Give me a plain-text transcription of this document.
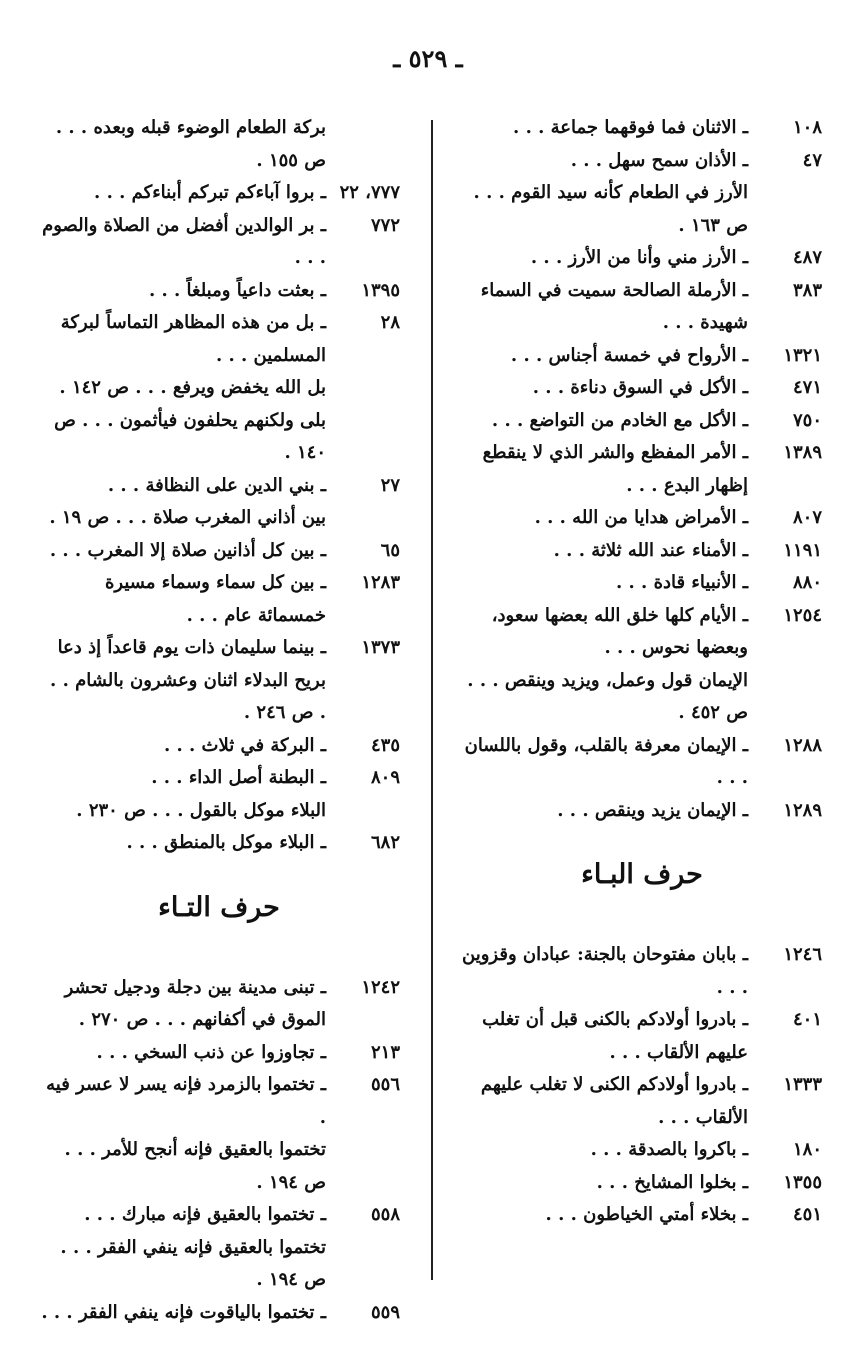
ـ ٥٢٩ ـ
١٠٨
ـ الاثنان فما فوقهما جماعة . . .
٤٧
ـ الأذان سمح سهل . . .
الأرز في الطعام كأنه سيد القوم . . . ص ١٦٣ .
٤٨٧
ـ الأرز مني وأنا من الأرز . . .
٣٨٣
ـ الأرملة الصالحة سميت في السماء شهيدة . . .
١٣٢١
ـ الأرواح في خمسة أجناس . . .
٤٧١
ـ الأكل في السوق دناءة . . .
٧٥٠
ـ الأكل مع الخادم من التواضع . . .
١٣٨٩
ـ الأمر المفظع والشر الذي لا ينقطع إظهار البدع . . .
٨٠٧
ـ الأمراض هدايا من الله . . .
١١٩١
ـ الأمناء عند الله ثلاثة . . .
٨٨٠
ـ الأنبياء قادة . . .
١٢٥٤
ـ الأيام كلها خلق الله بعضها سعود، وبعضها نحوس . . .
الإيمان قول وعمل، ويزيد وينقص . . . ص ٤٥٢ .
١٢٨٨
ـ الإيمان معرفة بالقلب، وقول باللسان . . .
١٢٨٩
ـ الإيمان يزيد وينقص . . .
حرف البـاء
١٢٤٦
ـ بابان مفتوحان بالجنة: عبادان وقزوين . . .
٤٠١
ـ بادروا أولادكم بالكنى قبل أن تغلب عليهم الألقاب . . .
١٣٣٣
ـ بادروا أولادكم الكنى لا تغلب عليهم الألقاب . . .
١٨٠
ـ باكروا بالصدقة . . .
١٣٥٥
ـ بخلوا المشايخ . . .
٤٥١
ـ بخلاء أمتي الخياطون . . .
بركة الطعام الوضوء قبله وبعده . . . ص ١٥٥ .
٧٧٧، ٢٢
ـ بروا آباءكم تبركم أبناءكم . . .
٧٧٢
ـ بر الوالدين أفضل من الصلاة والصوم . . .
١٣٩٥
ـ بعثت داعياً ومبلغاً . . .
٢٨
ـ بل من هذه المظاهر التماساً لبركة المسلمين . . .
بل الله يخفض ويرفع . . . ص ١٤٢ .
بلى ولكنهم يحلفون فيأثمون . . . ص ١٤٠ .
٢٧
ـ بني الدين على النظافة . . .
بين أذاني المغرب صلاة . . . ص ١٩ .
٦٥
ـ بين كل أذانين صلاة إلا المغرب . . .
١٢٨٣
ـ بين كل سماء وسماء مسيرة خمسمائة عام . . .
١٣٧٣
ـ بينما سليمان ذات يوم قاعداً إذ دعا بريح البدلاء اثنان وعشرون بالشام . . . ص ٢٤٦ .
٤٣٥
ـ البركة في ثلاث . . .
٨٠٩
ـ البطنة أصل الداء . . .
البلاء موكل بالقول . . . ص ٢٣٠ .
٦٨٢
ـ البلاء موكل بالمنطق . . .
حرف التـاء
١٢٤٢
ـ تبنى مدينة بين دجلة ودجيل تحشر الموق في أكفانهم . . . ص ٢٧٠ .
٢١٣
ـ تجاوزوا عن ذنب السخي . . .
٥٥٦
ـ تختموا بالزمرد فإنه يسر لا عسر فيه .
تختموا بالعقيق فإنه أنجح للأمر . . . ص ١٩٤ .
٥٥٨
ـ تختموا بالعقيق فإنه مبارك . . .
تختموا بالعقيق فإنه ينفي الفقر . . . ص ١٩٤ .
٥٥٩
ـ تختموا بالياقوت فإنه ينفي الفقر . . .
